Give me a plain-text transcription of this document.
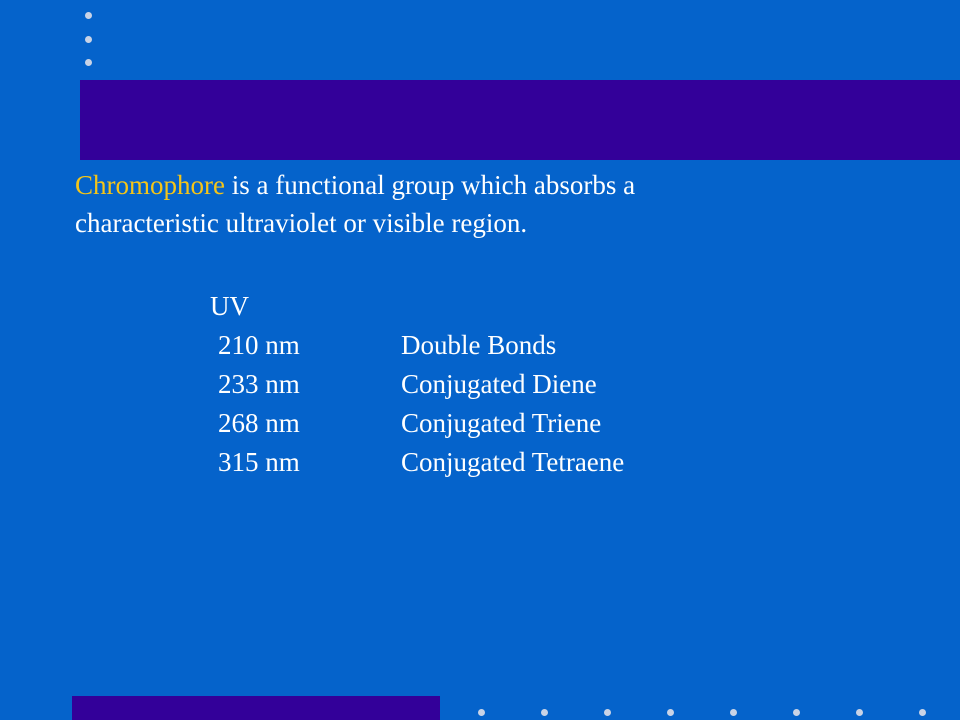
Chromophore is a functional group which absorbs a
characteristic ultraviolet or visible region.
UV
210 nm	Double Bonds
233 nm	Conjugated Diene
268 nm	Conjugated Triene
315 nm	Conjugated Tetraene
